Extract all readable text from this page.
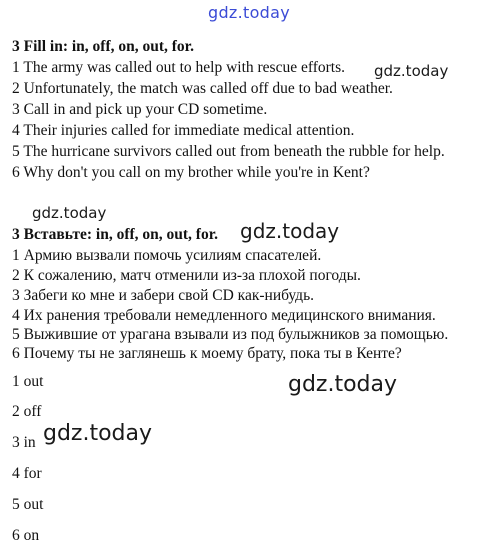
gdz.today
3 Fill in: in, off, on, out, for.
1 The army was called out to help with rescue efforts.
2 Unfortunately, the match was called off due to bad weather.
3 Call in and pick up your CD sometime.
4 Their injuries called for immediate medical attention.
5 The hurricane survivors called out from beneath the rubble for help.
6 Why don't you call on my brother while you're in Kent?
gdz.today
gdz.today
3 Вставьте: in, off, on, out, for. gdz.today
1 Армию вызвали помочь усилиям спасателей.
2 К сожалению, матч отменили из-за плохой погоды.
3 Забеги ко мне и забери свой CD как-нибудь.
4 Их ранения требовали немедленного медицинского внимания.
5 Выжившие от урагана взывали из под булыжников за помощью.
6 Почему ты не заглянешь к моему брату, пока ты в Кенте?
1 out
2 off
3 in
4 for
5 out
6 on
gdz.today
gdz.today
